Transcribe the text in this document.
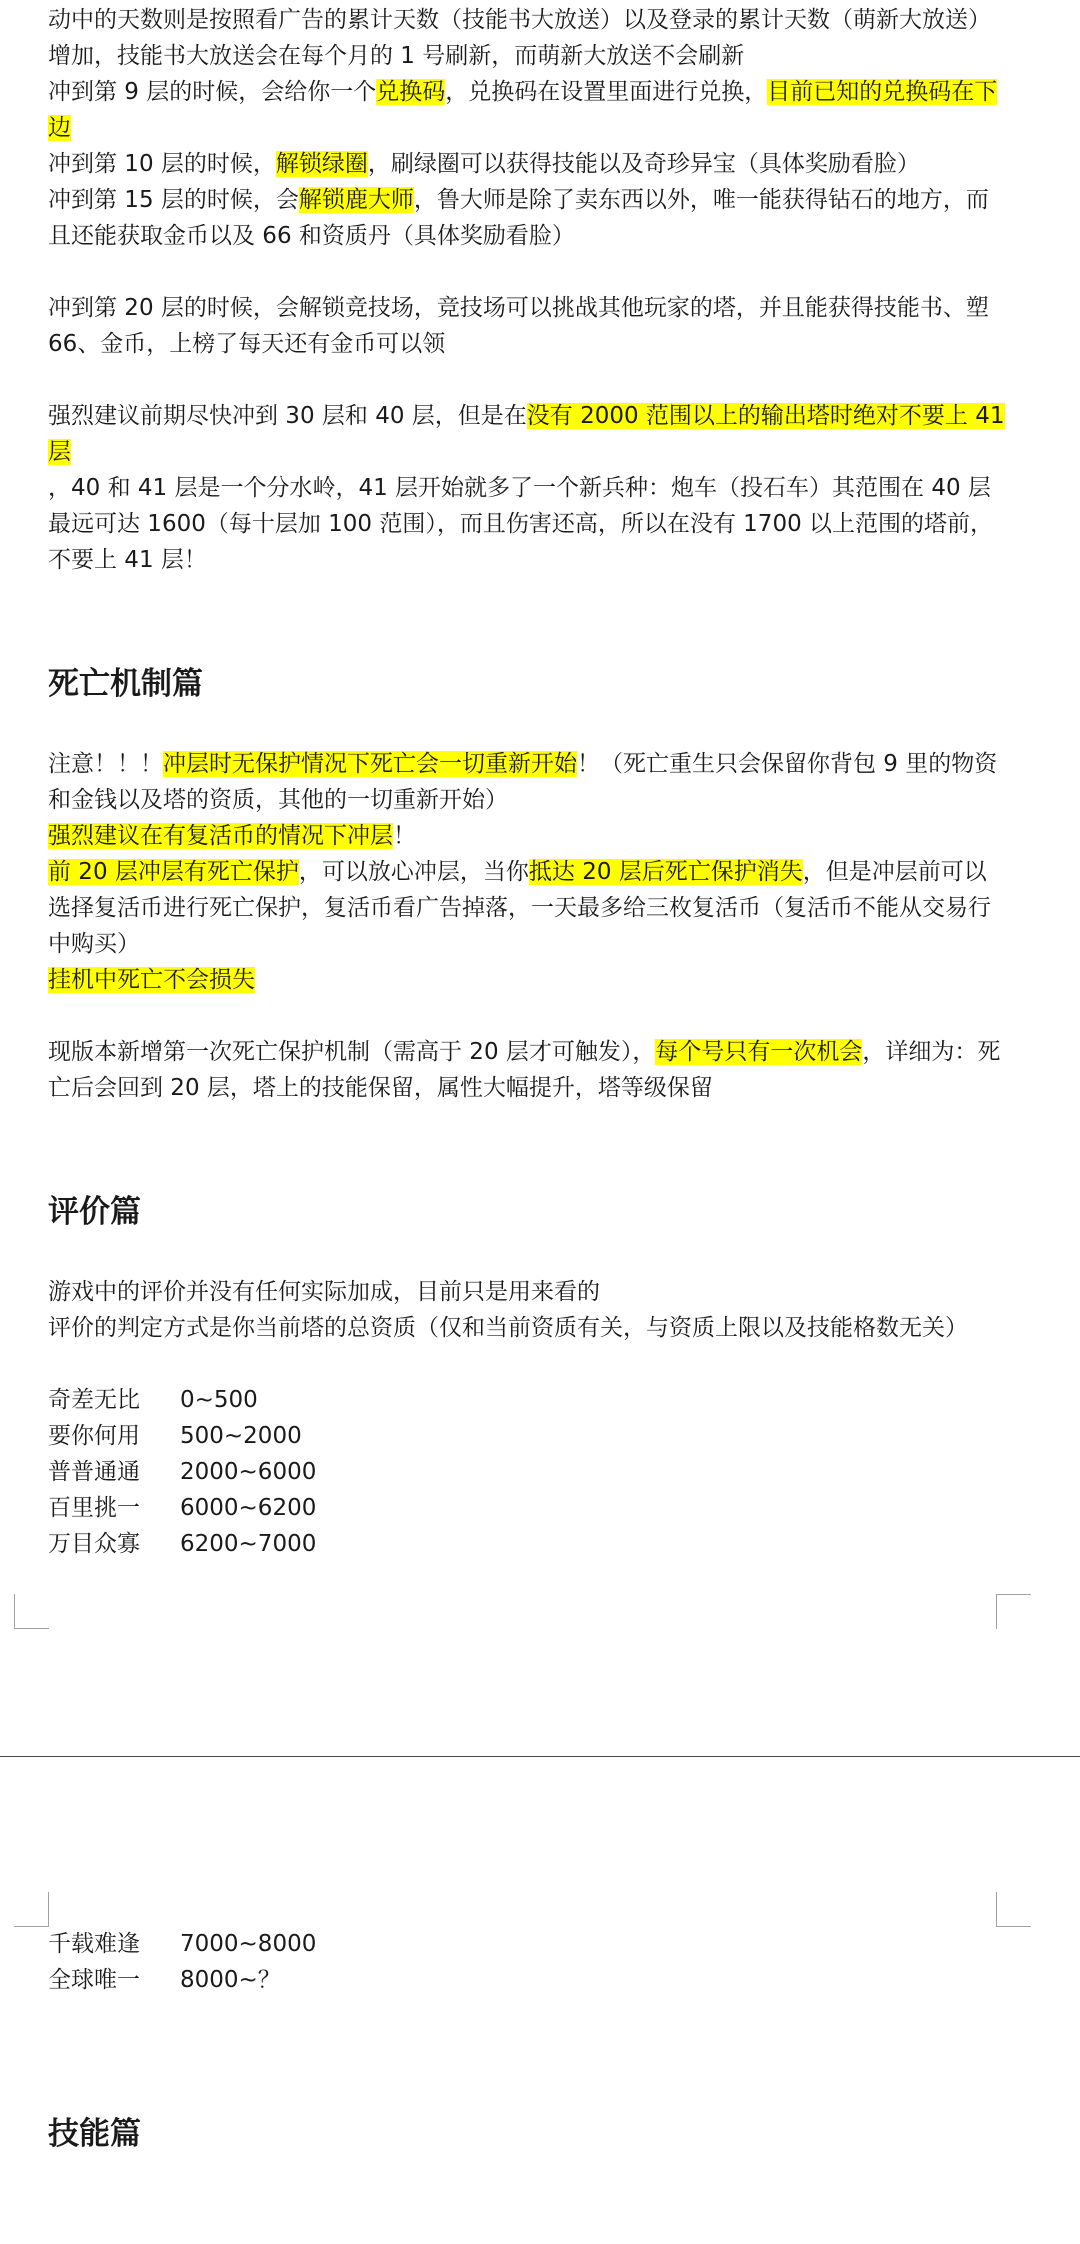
动中的天数则是按照看广告的累计天数（技能书大放送）以及登录的累计天数（萌新大放送）增加，技能书大放送会在每个月的 1 号刷新，而萌新大放送不会刷新

冲到第 9 层的时候，会给你一个兑换码，兑换码在设置里面进行兑换，目前已知的兑换码在下边

冲到第 10 层的时候，解锁绿圈，刷绿圈可以获得技能以及奇珍异宝（具体奖励看脸）

冲到第 15 层的时候，会解锁鹿大师，鲁大师是除了卖东西以外，唯一能获得钻石的地方，而且还能获取金币以及 66 和资质丹（具体奖励看脸）

冲到第 20 层的时候，会解锁竞技场，竞技场可以挑战其他玩家的塔，并且能获得技能书、塑 66、金币，上榜了每天还有金币可以领

强烈建议前期尽快冲到 30 层和 40 层，但是在没有 2000 范围以上的输出塔时绝对不要上 41 层

，40 和 41 层是一个分水岭，41 层开始就多了一个新兵种：炮车（投石车）其范围在 40 层最远可达 1600（每十层加 100 范围），而且伤害还高，所以在没有 1700 以上范围的塔前，不要上 41 层！

死亡机制篇

注意！！！冲层时无保护情况下死亡会一切重新开始！（死亡重生只会保留你背包 9 里的物资和金钱以及塔的资质，其他的一切重新开始）

强烈建议在有复活币的情况下冲层！

前 20 层冲层有死亡保护，可以放心冲层，当你抵达 20 层后死亡保护消失，但是冲层前可以选择复活币进行死亡保护，复活币看广告掉落，一天最多给三枚复活币（复活币不能从交易行中购买）

挂机中死亡不会损失

现版本新增第一次死亡保护机制（需高于 20 层才可触发），每个号只有一次机会，详细为：死亡后会回到 20 层，塔上的技能保留，属性大幅提升，塔等级保留

评价篇

游戏中的评价并没有任何实际加成，目前只是用来看的

评价的判定方式是你当前塔的总资质（仅和当前资质有关，与资质上限以及技能格数无关）

奇差无比	0~500
要你何用	500~2000
普普通通	2000~6000
百里挑一	6000~6200
万目众寡	6200~7000
千载难逢	7000~8000
全球唯一	8000~？
技能篇
